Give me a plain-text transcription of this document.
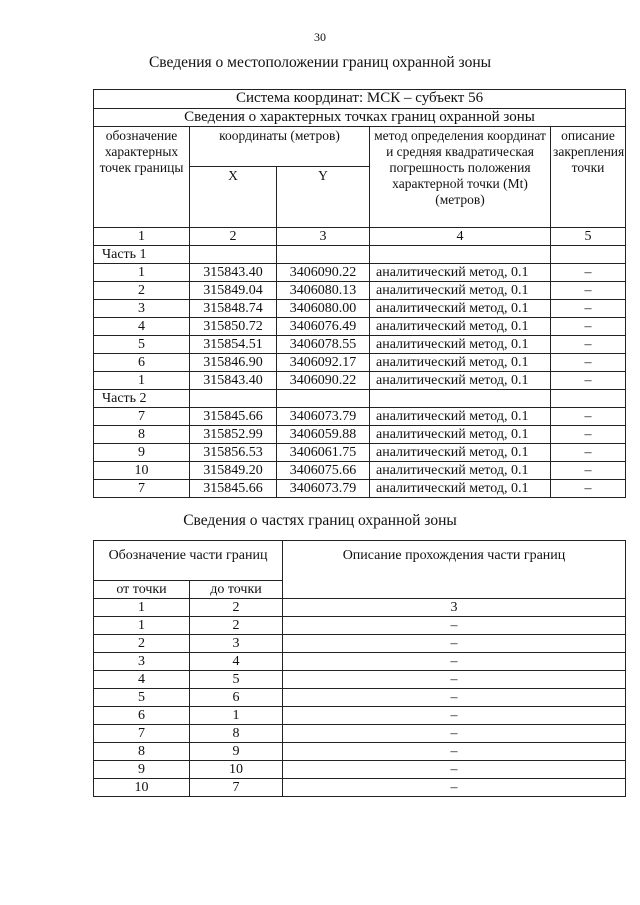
30
Сведения о местоположении границ охранной зоны
Система координат: МСК – субъект 56				
Сведения о характерных точках границ охранной зоны				
обозначение характерных точек границы	координаты (метров)		метод определения координат и средняя квадратическая погрешность положения характерной точки (Mt) (метров)	описание закрепления точки
	X	Y		
1	2	3	4	5
Часть 1				
1	315843.40	3406090.22	аналитический метод, 0.1	–
2	315849.04	3406080.13	аналитический метод, 0.1	–
3	315848.74	3406080.00	аналитический метод, 0.1	–
4	315850.72	3406076.49	аналитический метод, 0.1	–
5	315854.51	3406078.55	аналитический метод, 0.1	–
6	315846.90	3406092.17	аналитический метод, 0.1	–
1	315843.40	3406090.22	аналитический метод, 0.1	–
Часть 2				
7	315845.66	3406073.79	аналитический метод, 0.1	–
8	315852.99	3406059.88	аналитический метод, 0.1	–
9	315856.53	3406061.75	аналитический метод, 0.1	–
10	315849.20	3406075.66	аналитический метод, 0.1	–
7	315845.66	3406073.79	аналитический метод, 0.1	–
Сведения о частях границ охранной зоны
Обозначение части границ		Описание прохождения части границ
от точки	до точки	
1	2	3
1	2	–
2	3	–
3	4	–
4	5	–
5	6	–
6	1	–
7	8	–
8	9	–
9	10	–
10	7	–
